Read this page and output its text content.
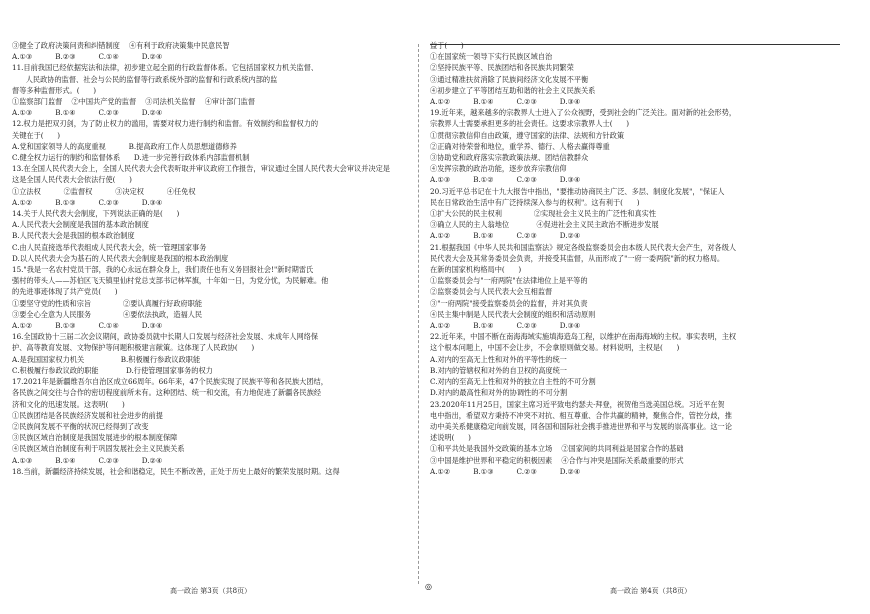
③健全了政府决策问责和纠错制度    ④有利于政府决策集中民意民智

A.①③          B.②③          C.①④          D.②④

11.目前我国已经依据宪法和法律，初步建立起全面的行政监督体系。它包括国家权力机关监督、

人民政协的监督、社会与公民的监督等行政系统外部的监督和行政系统内部的监

督等多种监督形式。(      )

①监察部门监督    ②中国共产党的监督    ③司法机关监督    ④审计部门监督

A.①③          B.①④          C.②③          D.②④

12.权力是把双刃剑，为了防止权力的滥用，需要对权力进行制约和监督。有效制约和监督权力的

关键在于(      )

A.党和国家领导人的高度重视          B.提高政府工作人员思想道德修养

C.健全权力运行的制约和监督体系      D.进一步完善行政体系内部监督机制

13.在全国人民代表大会上，全国人民代表大会代表听取并审议政府工作报告，审议通过全国人民代表大会审议并决定是

这是全国人民代表大会依法行使(      )

①立法权          ②监督权          ③决定权          ④任免权

A.①②          B.①③          C.②③          D.③④

14.关于人民代表大会制度，下列说法正确的是(      )

A.人民代表大会制度是我国的基本政治制度

B.人民代表大会是我国的根本政治制度

C.由人民直接选举代表组成人民代表大会，统一管理国家事务

D.以人民代表大会为基石的人民代表大会制度是我国的根本政治制度

15."我是一名农村党员干部，我的心永远在群众身上，我们责任也有义务回报社会!"新时期雷氏

强村的带头人——苏伯区飞天镇里仙村党总支部书记林军旗，十年如一日，为党分忧，为民解难。他

的先进事迹体现了共产党员(      )

①要坚守党的性质和宗旨              ②要认真履行好政府职能

③要全心全意为人民服务              ④要依法执政，造福人民

A.①②          B.①③          C.①④          D.③④

16.全国政协十三届二次会议期间，政协委员就中长期人口发展与经济社会发展、未成年人网络保

护、高等教育发展、文物保护等问题积极建言献策。这体现了人民政协(      )

A.是我国国家权力机关                B.积极履行参政议政职能

C.积极履行参政议政的职能            D.行使管理国家事务的权力

17.2021年是新疆维吾尔自治区成立66周年。66年来，47个民族实现了民族平等和各民族大团结，

各民族之间交往与合作的密切程度前所未有。这种团结、统一和交流，有力地促进了新疆各民族经

济和文化的迅速发展。这表明(      )

①民族团结是各民族经济发展和社会进步的前提

②民族间发展不平衡的状况已经得到了改变

③民族区域自治制度是我国发展进步的根本制度保障

④民族区域自治制度有利于巩固发展社会主义民族关系

A.①③          B.①④          C.②③          D.②④

18.当前，新疆经济持续发展，社会和谐稳定，民生不断改善，正处于历史上最好的繁荣发展时期。这得

益于(      )

①在国家统一领导下实行民族区域自治

②坚持民族平等、民族团结和各民族共同繁荣

③通过精准扶贫消除了民族间经济文化发展不平衡

④初步建立了平等团结互助和谐的社会主义民族关系

A.①②          B.①④          C.②③          D.③④

19.近年来，越来越多的宗教界人士进入了公众视野，受到社会的广泛关注。面对新的社会形势，

宗教界人士需要承担更多的社会责任。这要求宗教界人士(      )

①贯彻宗教信仰自由政策，遵守国家的法律、法规和方针政策

②正确对待荣誉和地位，重学养、德行、人格去赢得尊重

③协助党和政府落实宗教政策法规、团结信教群众

④发挥宗教的政治功能，逐步放弃宗教信仰

A.①③          B.①②          C.②③          D.③④

20.习近平总书记在十九大报告中指出，"要推动协商民主广泛、多层、制度化发展"，"保证人

民在日常政治生活中有广泛持续深入参与的权利"。这有利于(      )

①扩大公民的民主权利              ②实现社会主义民主的广泛性和真实性

③确立人民的主人翁地位            ④促进社会主义民主政治不断进步发展

A.①②          B.①④          C.②③          D.②④

21.根据我国《中华人民共和国监察法》规定各级监察委员会由本级人民代表大会产生，对各级人

民代表大会及其常务委员会负责，并接受其监督，从而形成了"一府一委两院"新的权力格局。

在新的国家机构格局中(      )

①监察委员会与"一府两院"在法律地位上是平等的

②监察委员会与人民代表大会互相监督

③"一府两院"接受监察委员会的监督，并对其负责

④民主集中制是人民代表大会制度的组织和活动原则

A.①②          B.①④          C.②③          D.③④

22.近年来，中国不断在南海海域实施填海造岛工程，以维护在南海海域的主权。事实表明，主权

这个根本问题上，中国不会让步，不会拿原则做交易。材料说明，主权是(      )

A.对内的至高无上性和对外的平等性的统一

B.对内的管辖权和对外的自卫权的高度统一

C.对内的至高无上性和对外的独立自主性的不可分割

D.对内的最高性和对外的协调性的不可分割

23.2020年11月25日，国家主席习近平致电约瑟夫·拜登，祝贺他当选美国总统。习近平在贺

电中指出，希望双方秉持不冲突不对抗、相互尊重、合作共赢的精神，聚焦合作，管控分歧，推

动中美关系健康稳定向前发展，同各国和国际社会携手推进世界和平与发展的崇高事业。这一论

述说明(      )

①和平共处是我国外交政策的基本立场    ②国家间的共同利益是国家合作的基础

③中国是维护世界和平稳定的积极因素    ④合作与冲突是国际关系最重要的形式

A.①②          B.①③          C.②③          D.②④

高一政治 第3页（共8页）	◎	高一政治 第4页（共8页）
